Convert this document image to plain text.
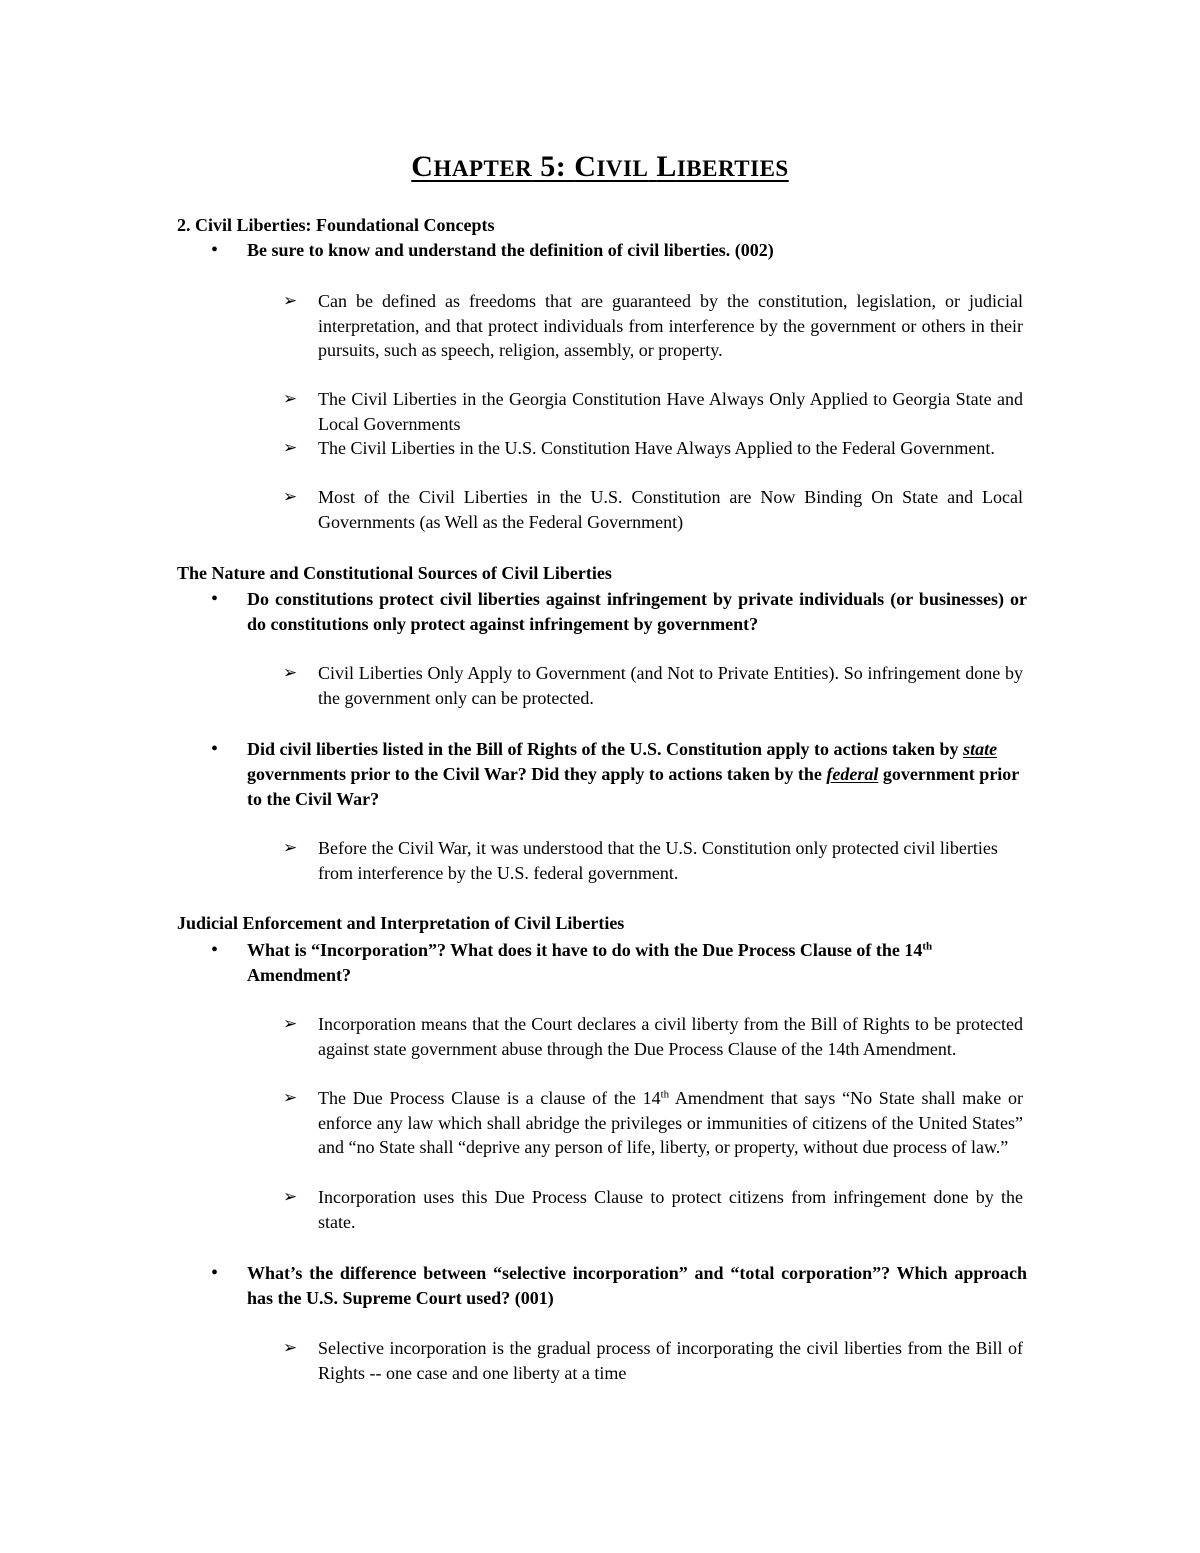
CHAPTER 5: CIVIL LIBERTIES
2. Civil Liberties: Foundational Concepts
• Be sure to know and understand the definition of civil liberties. (002)
➢ Can be defined as freedoms that are guaranteed by the constitution, legislation, or judicial interpretation, and that protect individuals from interference by the government or others in their pursuits, such as speech, religion, assembly, or property.
➢ The Civil Liberties in the Georgia Constitution Have Always Only Applied to Georgia State and Local Governments
➢ The Civil Liberties in the U.S. Constitution Have Always Applied to the Federal Government.
➢ Most of the Civil Liberties in the U.S. Constitution are Now Binding On State and Local Governments (as Well as the Federal Government)
The Nature and Constitutional Sources of Civil Liberties
• Do constitutions protect civil liberties against infringement by private individuals (or businesses) or do constitutions only protect against infringement by government?
➢ Civil Liberties Only Apply to Government (and Not to Private Entities). So infringement done by the government only can be protected.
• Did civil liberties listed in the Bill of Rights of the U.S. Constitution apply to actions taken by state governments prior to the Civil War? Did they apply to actions taken by the federal government prior to the Civil War?
➢ Before the Civil War, it was understood that the U.S. Constitution only protected civil liberties from interference by the U.S. federal government.
Judicial Enforcement and Interpretation of Civil Liberties
• What is “Incorporation”? What does it have to do with the Due Process Clause of the 14th Amendment?
➢ Incorporation means that the Court declares a civil liberty from the Bill of Rights to be protected against state government abuse through the Due Process Clause of the 14th Amendment.
➢ The Due Process Clause is a clause of the 14th Amendment that says “No State shall make or enforce any law which shall abridge the privileges or immunities of citizens of the United States” and “no State shall “deprive any person of life, liberty, or property, without due process of law.”
➢ Incorporation uses this Due Process Clause to protect citizens from infringement done by the state.
• What’s the difference between “selective incorporation” and “total corporation”? Which approach has the U.S. Supreme Court used? (001)
➢ Selective incorporation is the gradual process of incorporating the civil liberties from the Bill of Rights -- one case and one liberty at a time
